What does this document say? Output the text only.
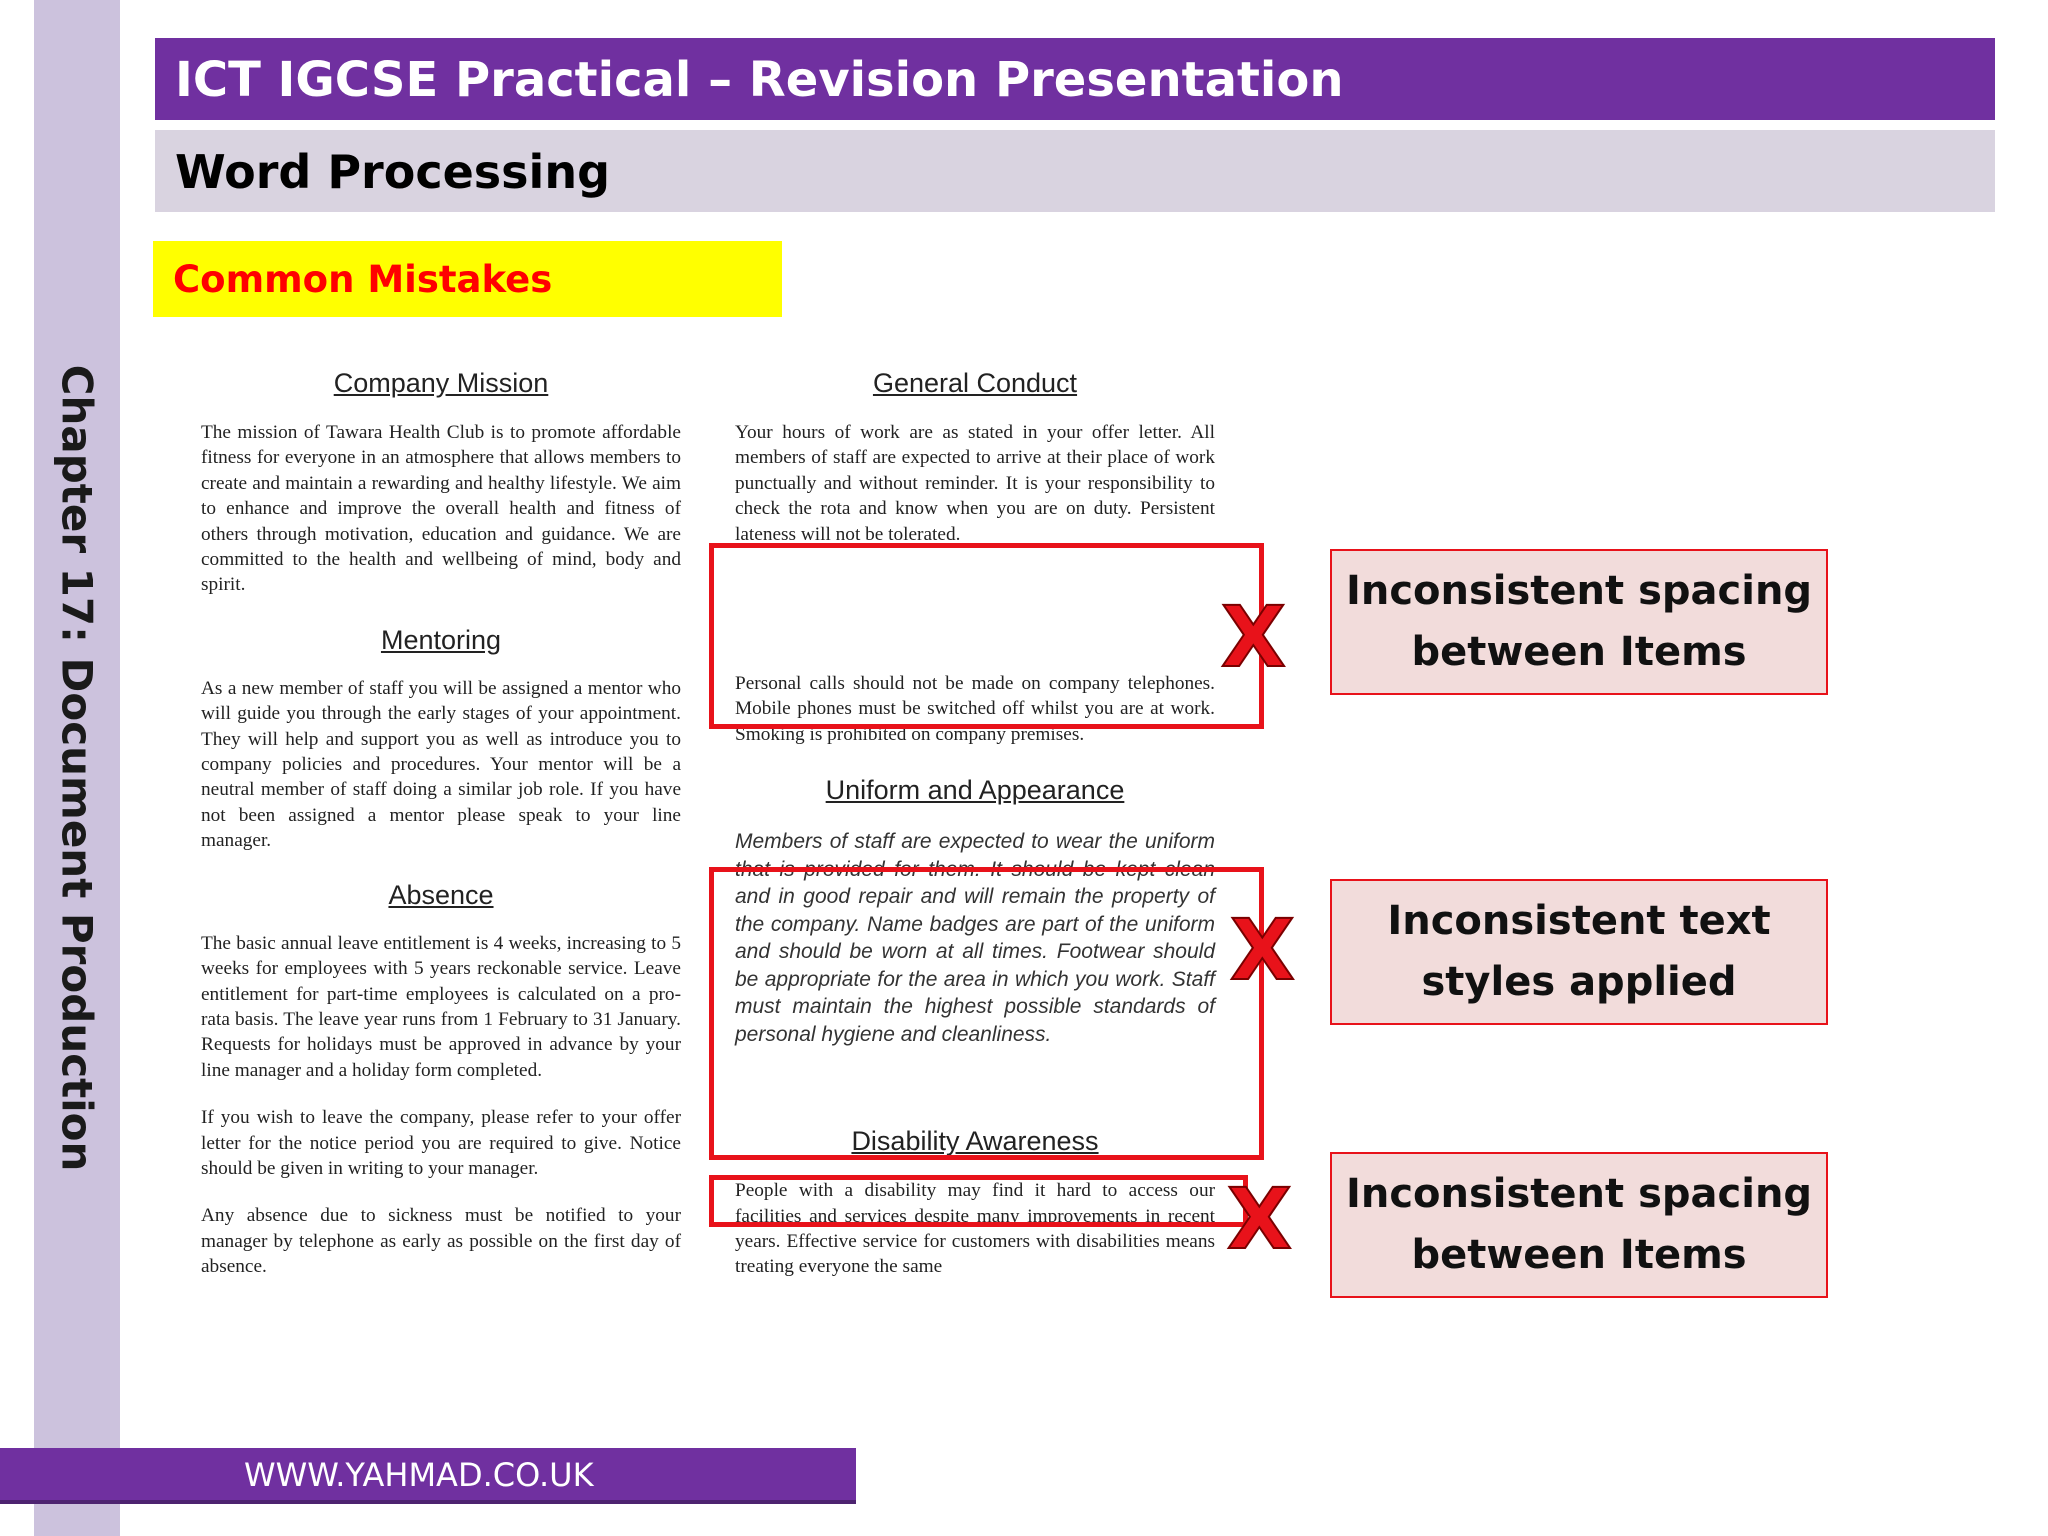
Chapter 17: Document Production
ICT IGCSE Practical – Revision Presentation
Word Processing
Common Mistakes
Company Mission

The mission of Tawara Health Club is to promote affordable fitness for everyone in an atmosphere that allows members to create and maintain a rewarding and healthy lifestyle. We aim to enhance and improve the overall health and fitness of others through motivation, education and guidance. We are committed to the health and wellbeing of mind, body and spirit.

Mentoring

As a new member of staff you will be assigned a mentor who will guide you through the early stages of your appointment. They will help and support you as well as introduce you to company policies and procedures. Your mentor will be a neutral member of staff doing a similar job role. If you have not been assigned a mentor please speak to your line manager.

Absence

The basic annual leave entitlement is 4 weeks, increasing to 5 weeks for employees with 5 years reckonable service. Leave entitlement for part-time employees is calculated on a pro-rata basis. The leave year runs from 1 February to 31 January. Requests for holidays must be approved in advance by your line manager and a holiday form completed.

If you wish to leave the company, please refer to your offer letter for the notice period you are required to give. Notice should be given in writing to your manager.

Any absence due to sickness must be notified to your manager by telephone as early as possible on the first day of absence.

General Conduct

Your hours of work are as stated in your offer letter. All members of staff are expected to arrive at their place of work punctually and without reminder. It is your responsibility to check the rota and know when you are on duty. Persistent lateness will not be tolerated.

Personal calls should not be made on company telephones. Mobile phones must be switched off whilst you are at work. Smoking is prohibited on company premises.

Uniform and Appearance

Members of staff are expected to wear the uniform that is provided for them. It should be kept clean and in good repair and will remain the property of the company. Name badges are part of the uniform and should be worn at all times. Footwear should be appropriate for the area in which you work. Staff must maintain the highest possible standards of personal hygiene and cleanliness.

Disability Awareness

People with a disability may find it hard to access our facilities and services despite many improvements in recent years. Effective service for customers with disabilities means treating everyone the same

X
X
X
Inconsistent spacing between Items
Inconsistent text styles applied
Inconsistent spacing between Items
WWW.YAHMAD.CO.UK
